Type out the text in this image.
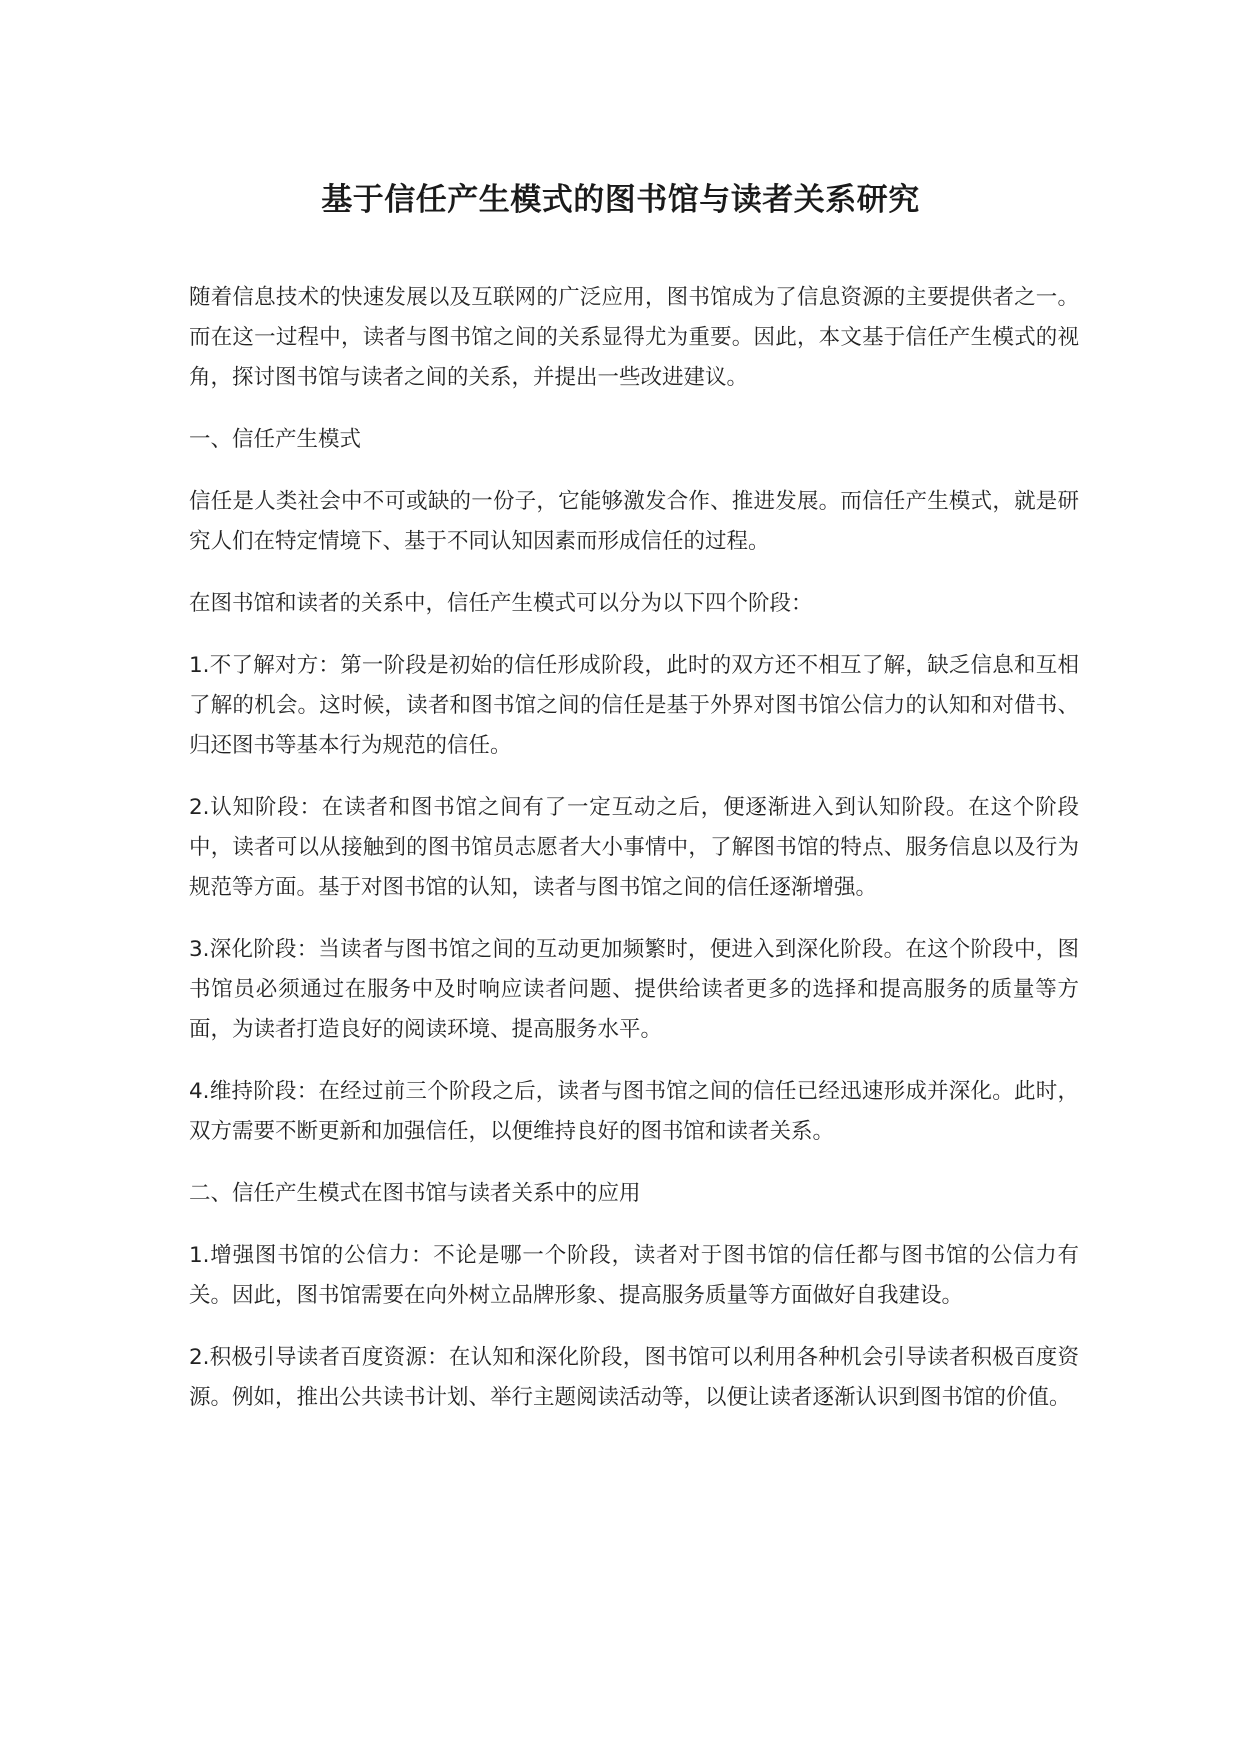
基于信任产生模式的图书馆与读者关系研究

随着信息技术的快速发展以及互联网的广泛应用，图书馆成为了信息资源的主要提供者之一。而在这一过程中，读者与图书馆之间的关系显得尤为重要。因此，本文基于信任产生模式的视角，探讨图书馆与读者之间的关系，并提出一些改进建议。

一、信任产生模式

信任是人类社会中不可或缺的一份子，它能够激发合作、推进发展。而信任产生模式，就是研究人们在特定情境下、基于不同认知因素而形成信任的过程。

在图书馆和读者的关系中，信任产生模式可以分为以下四个阶段：

1.不了解对方：第一阶段是初始的信任形成阶段，此时的双方还不相互了解，缺乏信息和互相了解的机会。这时候，读者和图书馆之间的信任是基于外界对图书馆公信力的认知和对借书、归还图书等基本行为规范的信任。

2.认知阶段：在读者和图书馆之间有了一定互动之后，便逐渐进入到认知阶段。在这个阶段中，读者可以从接触到的图书馆员志愿者大小事情中，了解图书馆的特点、服务信息以及行为规范等方面。基于对图书馆的认知，读者与图书馆之间的信任逐渐增强。

3.深化阶段：当读者与图书馆之间的互动更加频繁时，便进入到深化阶段。在这个阶段中，图书馆员必须通过在服务中及时响应读者问题、提供给读者更多的选择和提高服务的质量等方面，为读者打造良好的阅读环境、提高服务水平。

4.维持阶段：在经过前三个阶段之后，读者与图书馆之间的信任已经迅速形成并深化。此时，双方需要不断更新和加强信任，以便维持良好的图书馆和读者关系。

二、信任产生模式在图书馆与读者关系中的应用

1.增强图书馆的公信力：不论是哪一个阶段，读者对于图书馆的信任都与图书馆的公信力有关。因此，图书馆需要在向外树立品牌形象、提高服务质量等方面做好自我建设。

2.积极引导读者百度资源：在认知和深化阶段，图书馆可以利用各种机会引导读者积极百度资源。例如，推出公共读书计划、举行主题阅读活动等，以便让读者逐渐认识到图书馆的价值。
